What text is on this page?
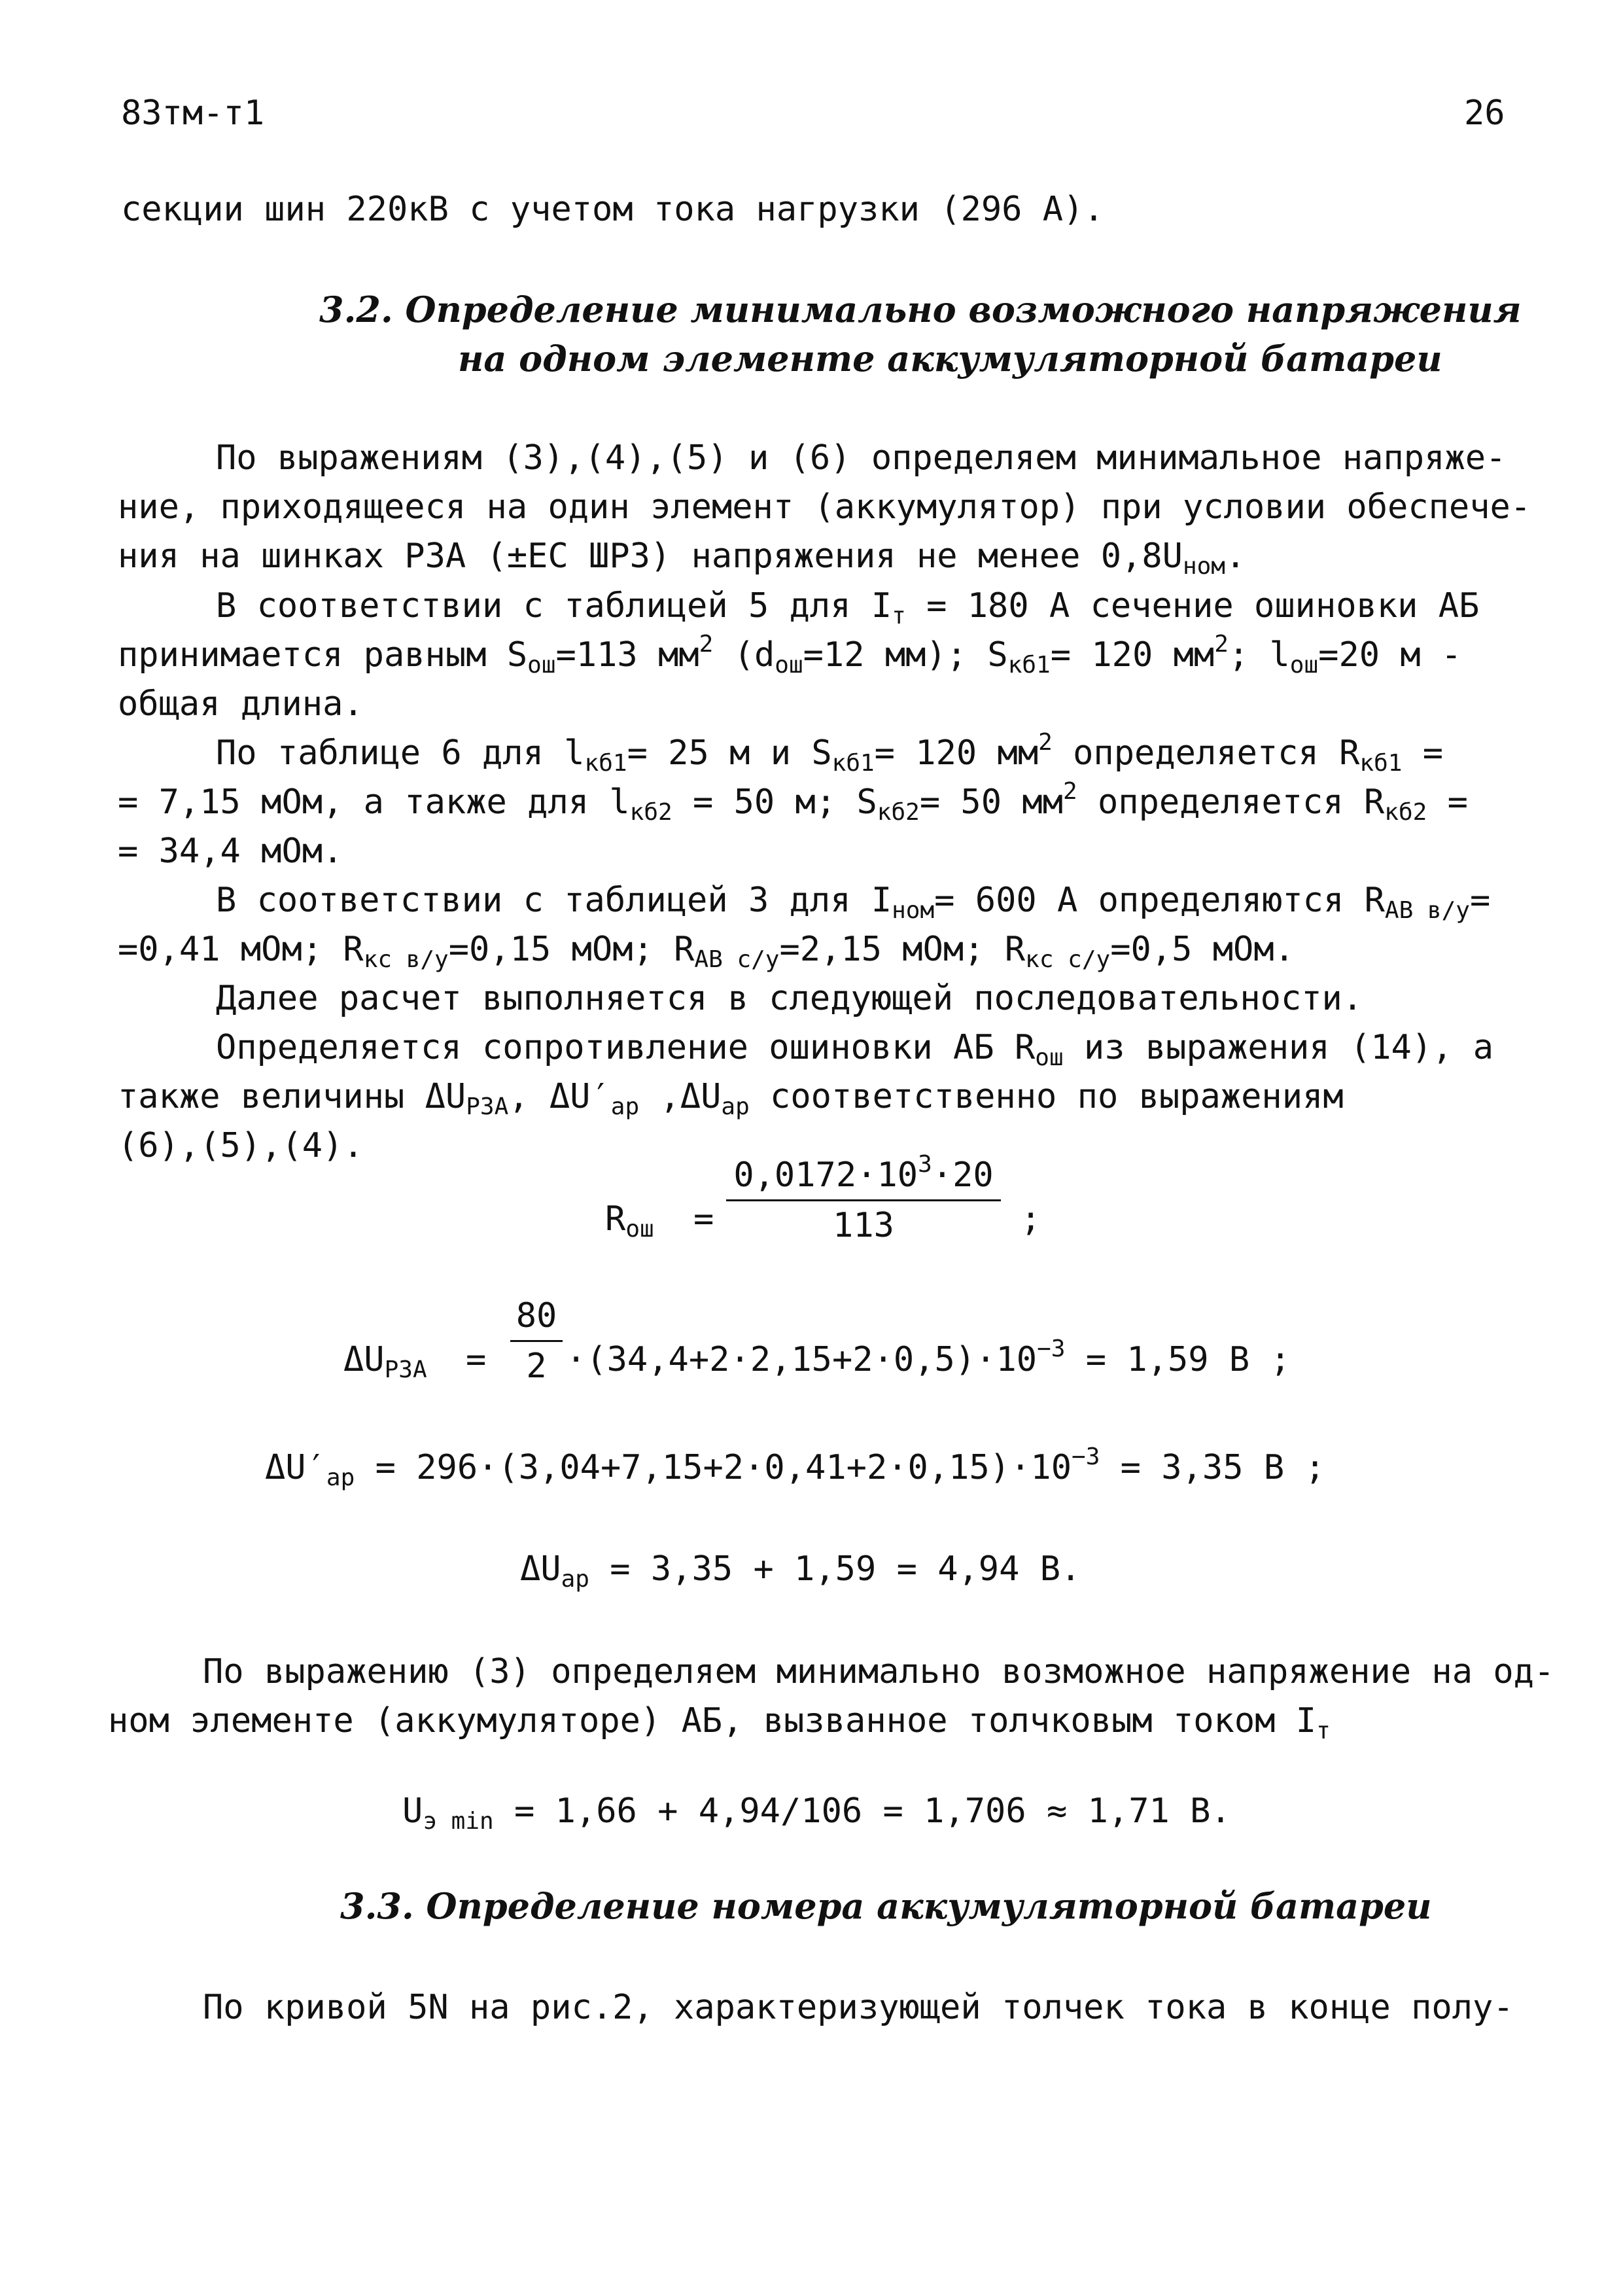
83тм-т1	26
секции шин 220кВ с учетом тока нагрузки (296 А).
3.2. Определение минимально возможного напряжения
на одном элементе аккумуляторной батареи
По выражениям (3),(4),(5) и (6) определяем минимальное напряже-
ние, приходящееся на один элемент (аккумулятор) при условии обеспече-
ния на шинках РЗА (±ЕС ШРЗ) напряжения не менее $0,8U_{ном}$.
В соответствии с таблицей 5 для $I_т = 180$ А сечение ошиновки АБ
принимается равным $S_{ош}=113$ $мм^2$ ($d_{ош}=12$ мм); $S_{кб1}= 120$ $мм^2$; $l_{ош}=20$ м -
общая длина.
По таблице 6 для $l_{кб1}= 25$ м и $S_{кб1}= 120$ $мм^2$ определяется $R_{кб1}$ =
= 7,15 мОм, а также для $l_{кб2} = 50$ м; $S_{кб2}= 50$ $мм^2$ определяется $R_{кб2}$ =
= 34,4 мОм.
В соответствии с таблицей 3 для $I_{ном}= 600$ А определяются $R_{АВ в/у}=$
=0,41 мОм; $R_{кс в/у}=0,15$ мОм; $R_{АВ с/у}=2,15$ мОм; $R_{кс с/у}=0,5$ мОм.
Далее расчет выполняется в следующей последовательности.
Определяется сопротивление ошиновки АБ $R_{ош}$ из выражения (14), а
также величины $\Delta U_{РЗА}$, $\Delta U'_{ар}$ $,\Delta U_{ар}$ соответственно по выражениям
(6),(5),(4).
$R_{ош}$ =
$0,0172\cdot 10^3\cdot 20$
113	;
$\Delta U_{РЗА}$ =
80
$2 \cdot(34,4+2\cdot 2,15+2\cdot 0,5)\cdot 10^{-3} = 1,59$ В ;
$\Delta U'_{ар} = 296\cdot(3,04+7,15+2\cdot 0,41+2\cdot 0,15)\cdot 10^{-3} = 3,35$ В ;
$\Delta U_{ар} = 3,35 + 1,59 = 4,94$ В.
По выражению (3) определяем минимально возможное напряжение на од-
ном элементе (аккумуляторе) АБ, вызванное толчковым током $I_т$
$U_{э min} = 1,66 + 4,94/106 = 1,706 \approx 1,71$ В.
3.3. Определение номера аккумуляторной батареи
По кривой 5N на рис.2, характеризующей толчек тока в конце полу-
